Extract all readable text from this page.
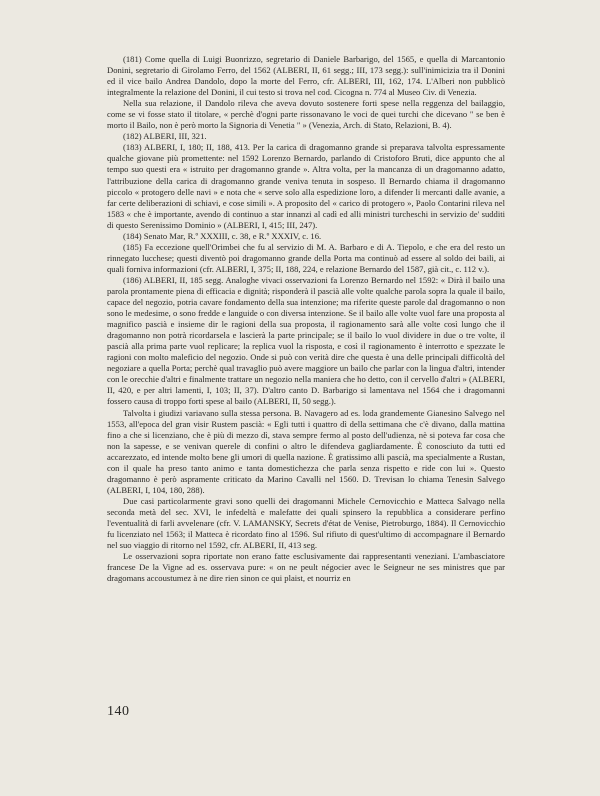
(181) Come quella di Luigi Buonrizzo, segretario di Daniele Barbarigo, del 1565, e quella di Marcantonio Donini, segretario di Girolamo Ferro, del 1562 (ALBERI, II, 61 segg.; III, 173 segg.): sull'inimicizia tra il Donini ed il vice bailo Andrea Dandolo, dopo la morte del Ferro, cfr. ALBERI, III, 162, 174. L'Alberi non pubblicò integralmente la relazione del Donini, il cui testo si trova nel cod. Cicogna n. 774 al Museo Civ. di Venezia.

Nella sua relazione, il Dandolo rileva che aveva dovuto sostenere forti spese nella reggenza del bailaggio, come se vi fosse stato il titolare, « perchè d'ogni parte rissonavano le voci de quei turchi che dicevano " se ben è morto il Bailo, non è però morto la Signoria di Venetia " » (Venezia, Arch. di Stato, Relazioni, B. 4).

(182) ALBERI, III, 321.

(183) ALBERI, I, 180; II, 188, 413. Per la carica di dragomanno grande si preparava talvolta espressamente qualche giovane più promettente: nel 1592 Lorenzo Bernardo, parlando di Cristoforo Bruti, dice appunto che al tempo suo questi era « istruito per dragomanno grande ». Altra volta, per la mancanza di un dragomanno adatto, l'attribuzione della carica di dragomanno grande veniva tenuta in sospeso. Il Bernardo chiama il dragomanno piccolo « protogero delle navi » e nota che « serve solo alla espedizione loro, a difender li mercanti dalle avanie, a far certe deliberazioni di schiavi, e cose simili ». A proposito del « carico di protogero », Paolo Contarini rileva nel 1583 « che è importante, avendo di continuo a star innanzi al cadì ed alli ministri turcheschi in servizio de' sudditi di questo Serenissimo Dominio » (ALBERI, I, 415; III, 247).

(184) Senato Mar, R.º XXXIII, c. 38, e R.º XXXIV, c. 16.

(185) Fa eccezione quell'Orimbei che fu al servizio di M. A. Barbaro e di A. Tiepolo, e che era del resto un rinnegato lucchese; questi diventò poi dragomanno grande della Porta ma continuò ad essere al soldo dei baili, ai quali forniva informazioni (cfr. ALBERI, I, 375; II, 188, 224, e relazione Bernardo del 1587, già cit., c. 112 v.).

(186) ALBERI, II, 185 segg. Analoghe vivaci osservazioni fa Lorenzo Bernardo nel 1592: « Dirà il bailo una parola prontamente piena di efficacia e dignità; risponderà il pascià alle volte qualche parola sopra la quale il bailo, capace del negozio, potria cavare fondamento della sua intenzione; ma riferite queste parole dal dragomanno o non sono le medesime, o sono fredde e languide o con diversa intenzione. Se il bailo alle volte vuol fare una proposta al magnifico pascià e insieme dir le ragioni della sua proposta, il ragionamento sarà alle volte così lungo che il dragomanno non potrà ricordarsela e lascierà la parte principale; se il bailo lo vuol dividere in due o tre volte, il pascià alla prima parte vuol replicare; la replica vuol la risposta, e così il ragionamento è interrotto e spezzate le ragioni con molto maleficio del negozio. Onde si può con verità dire che questa è una delle principali difficoltà del negoziare a quella Porta; perchè qual travaglio può avere maggiore un bailo che parlar con la lingua d'altri, intender con le orecchie d'altri e finalmente trattare un negozio nella maniera che ho detto, con il cervello d'altri » (ALBERI, II, 420, e per altri lamenti, I, 103; II, 37). D'altro canto D. Barbarigo si lamentava nel 1564 che i dragomanni fossero causa di troppo forti spese al bailo (ALBERI, II, 50 segg.).

Talvolta i giudizi variavano sulla stessa persona. B. Navagero ad es. loda grandemente Gianesino Salvego nel 1553, all'epoca del gran visir Rustem pascià: « Egli tutti i quattro dì della settimana che c'è divano, dalla mattina fino a che si licenziano, che è più di mezzo dì, stava sempre fermo al posto dell'udienza, nè si poteva far cosa che non la sapesse, e se venivan querele di confini o altro le difendeva gagliardamente. È conosciuto da tutti ed accarezzato, ed intende molto bene gli umori di quella nazione. È gratissimo alli pascià, ma specialmente a Rustan, con il quale ha preso tanto animo e tanta domestichezza che parla senza rispetto e ride con lui ». Questo dragomanno è però aspramente criticato da Marino Cavalli nel 1560. D. Trevisan lo chiama Tenesin Salvego (ALBERI, I, 104, 180, 288).

Due casi particolarmente gravi sono quelli dei dragomanni Michele Cernovicchio e Matteca Salvago nella seconda metà del sec. XVI, le infedeltà e malefatte dei quali spinsero la repubblica a considerare perfino l'eventualità di farli avvelenare (cfr. V. LAMANSKY, Secrets d'état de Venise, Pietroburgo, 1884). Il Cernovicchio fu licenziato nel 1563; il Matteca è ricordato fino al 1596. Sul rifiuto di quest'ultimo di accompagnare il Bernardo nel suo viaggio di ritorno nel 1592, cfr. ALBERI, II, 413 seg.

Le osservazioni sopra riportate non erano fatte esclusivamente dai rappresentanti veneziani. L'ambasciatore francese De la Vigne ad es. osservava pure: « on ne peult négocier avec le Seigneur ne ses ministres que par dragomans accoustumez à ne dire rien sinon ce qui plaist, et nourriz en

140
